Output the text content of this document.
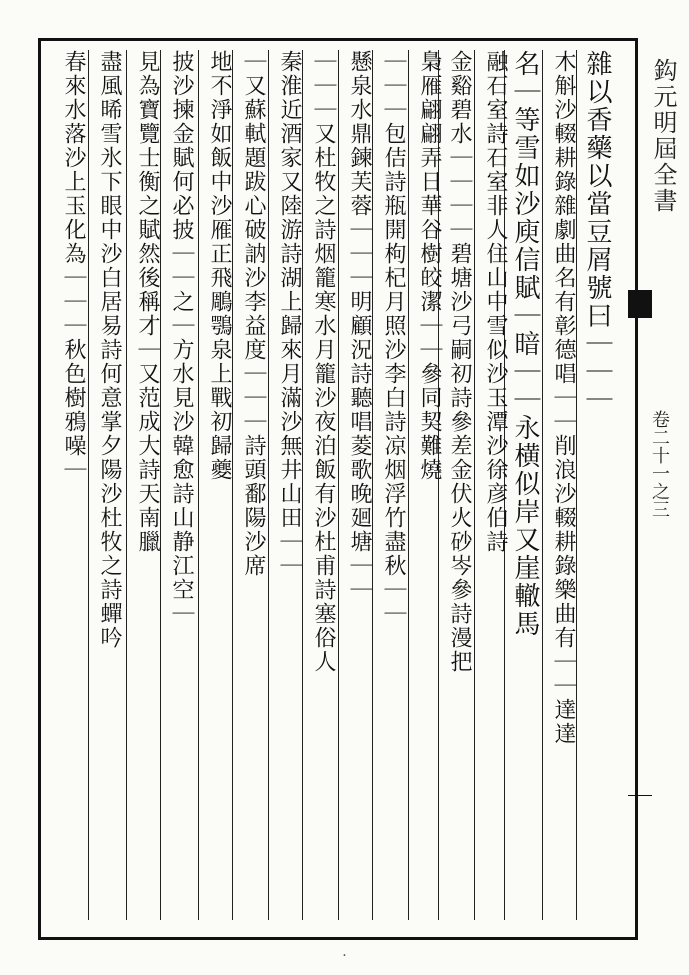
鈎元明屆全書
卷二十一之三
雜以香藥以當豆屑號曰｜｜｜
木斛沙輟耕錄雜劇曲名有彰德唱｜｜削浪沙輟耕錄樂曲有｜｜達達
名｜等雪如沙庾信賦｜暗｜｜永横似岸又崖轍馬
融石室詩石室非人住山中雪似沙玉潭沙徐彦伯詩
金谿碧水｜｜｜｜碧塘沙弓嗣初詩參差金伏火砂岑參詩漫把
梟雁翩翩弄日華谷樹皎潔｜｜參同契難燒
｜｜｜包佶詩瓶開枸杞月照沙李白詩凉烟浮竹盡秋｜｜
懸泉水鼎鍊芙蓉｜｜｜明顧況詩聽唱菱歌晚廻塘｜｜
｜｜｜又杜牧之詩烟籠寒水月籠沙夜泊飯有沙杜甫詩塞俗人
秦淮近酒家又陸游詩湖上歸來月滿沙無井山田｜｜
｜又蘇軾題跋心破訥沙李益度｜｜｜詩頭鄱陽沙席
地不淨如飯中沙雁正飛鵰鶚泉上戰初歸夔
披沙揀金賦何必披｜｜之｜方水見沙韓愈詩山静江空｜
見為寶覽士衡之賦然後稱才｜又范成大詩天南臘
盡風晞雪氷下眼中沙白居易詩何意掌夕陽沙杜牧之詩蟬吟
春來水落沙上玉化為｜｜｜秋色樹鴉噪｜
·
